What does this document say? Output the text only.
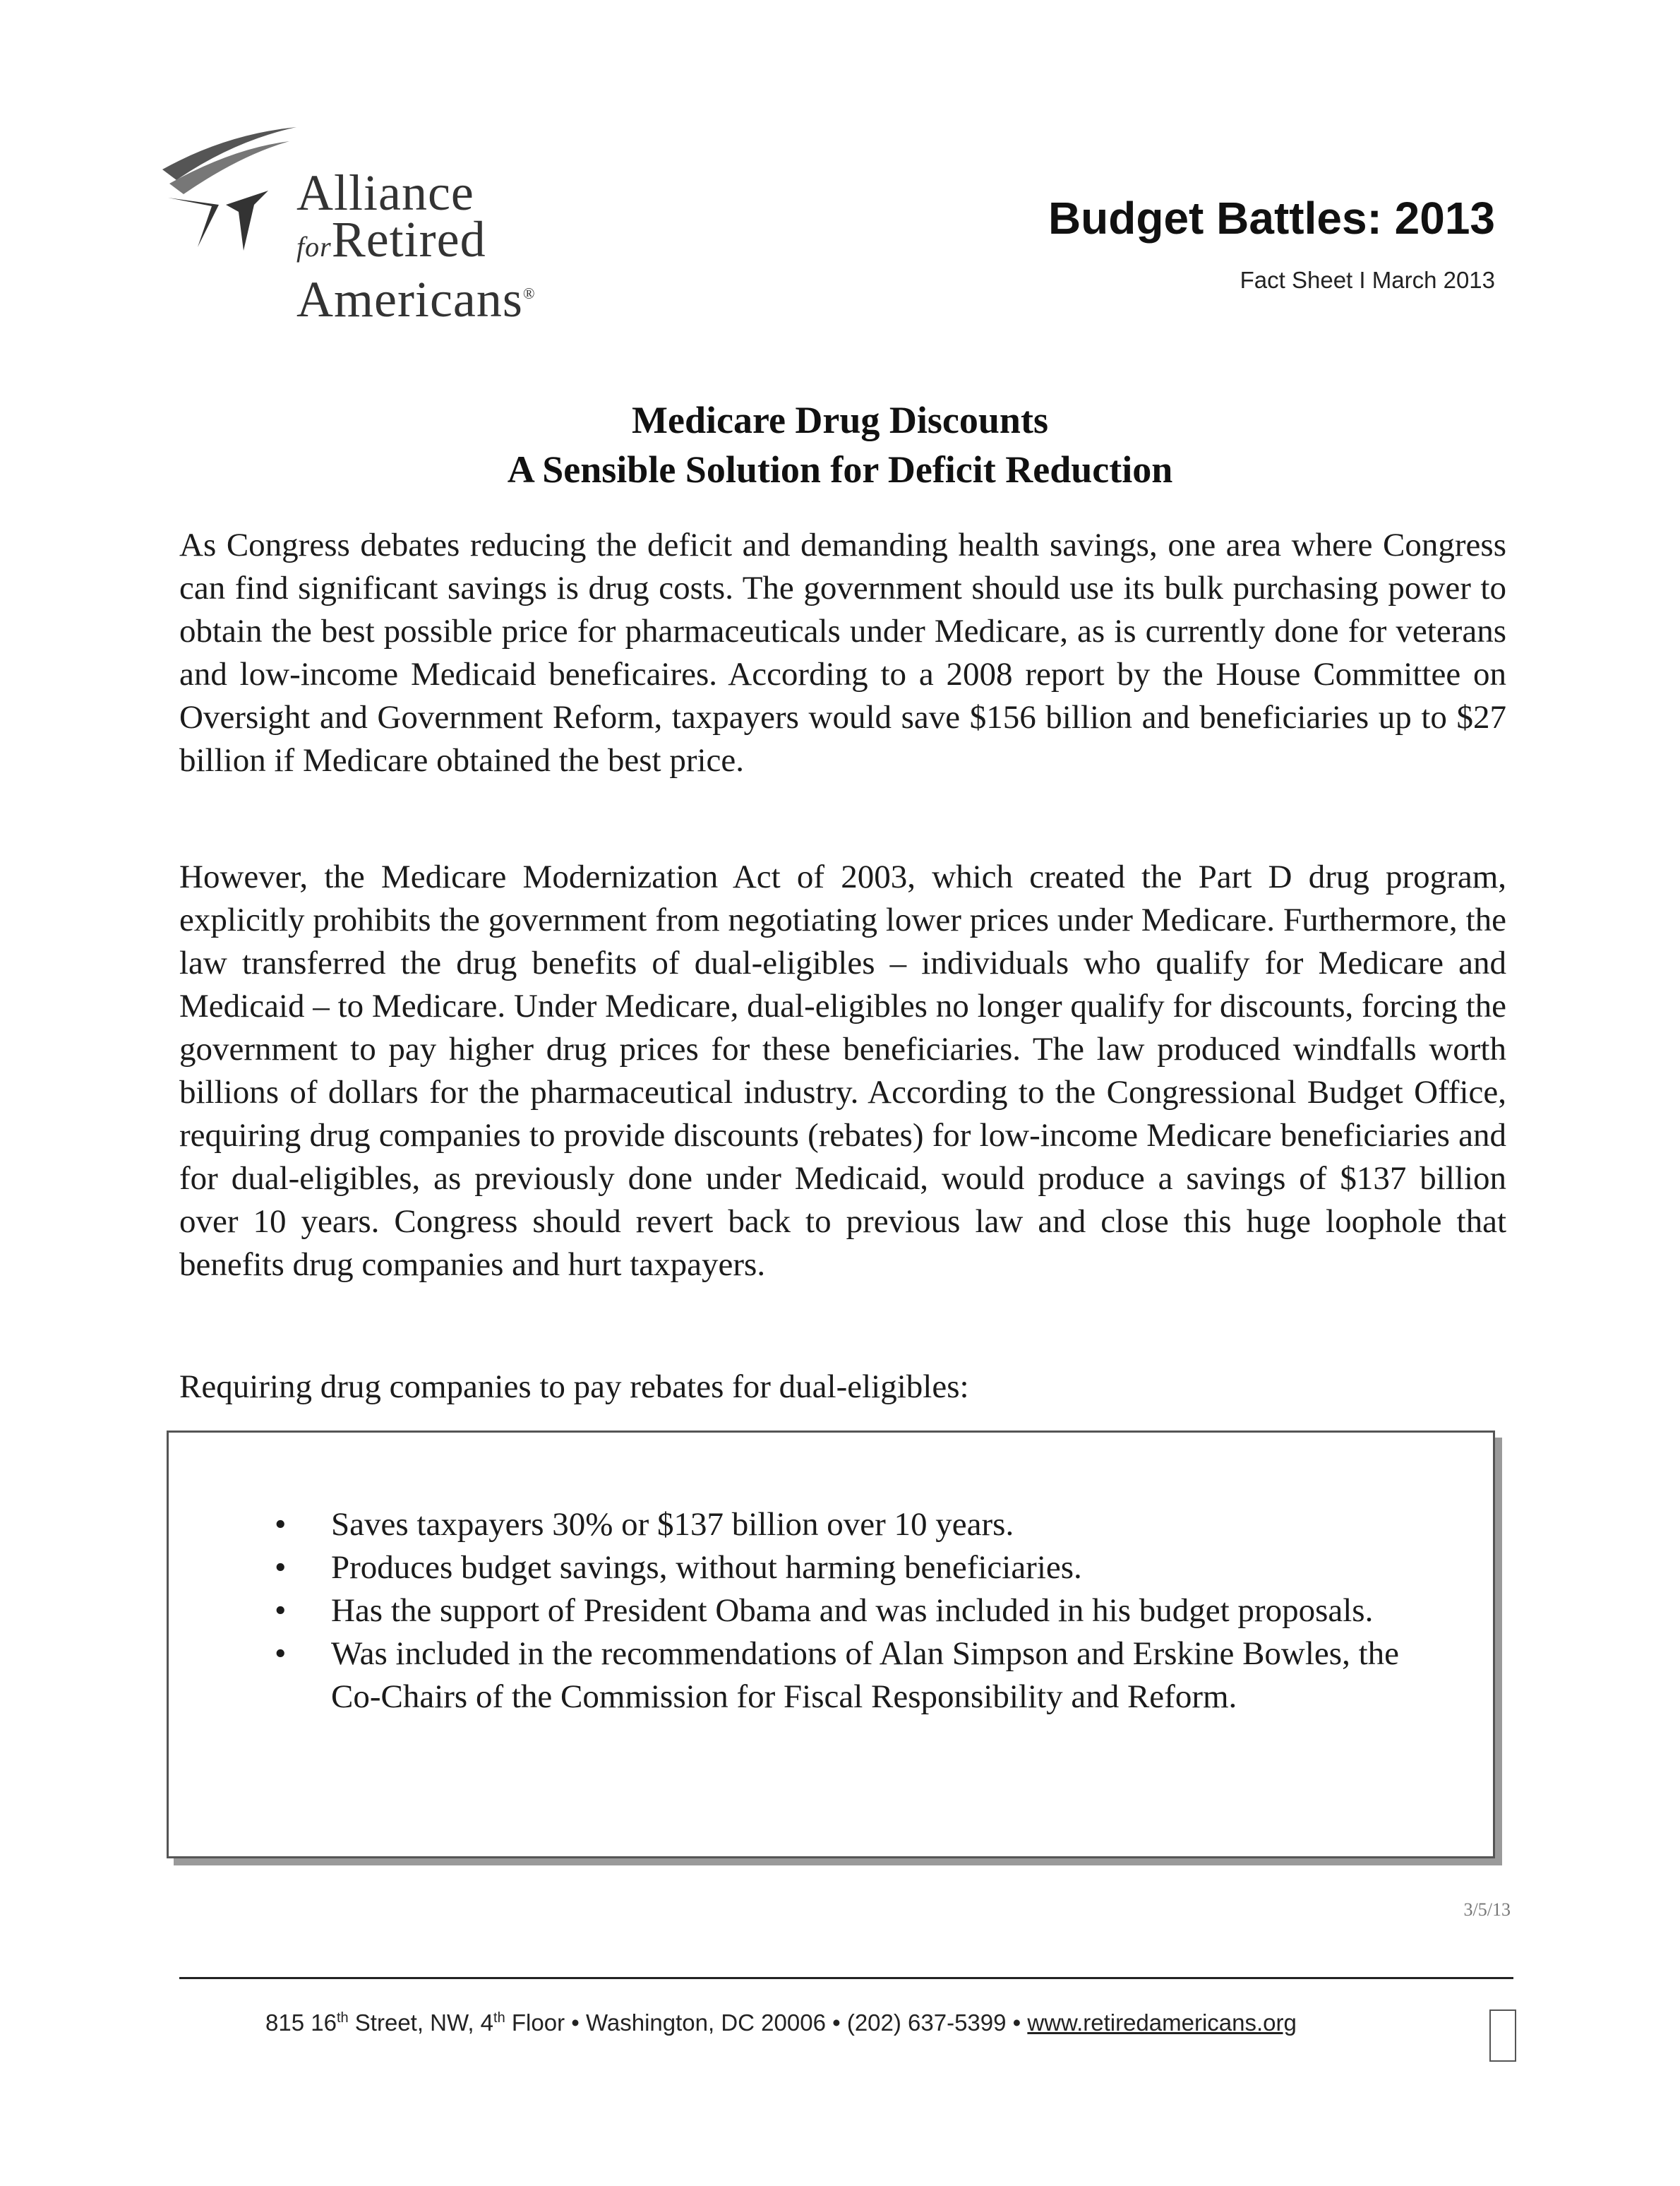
Alliance
forRetired
Americans®
Budget Battles: 2013
Fact Sheet I March 2013
Medicare Drug Discounts
A Sensible Solution for Deficit Reduction

As Congress debates reducing the deficit and demanding health savings, one area where Congress can find significant savings is drug costs. The government should use its bulk purchasing power to obtain the best possible price for pharmaceuticals under Medicare, as is currently done for veterans and low-income Medicaid beneficaires. According to a 2008 report by the House Committee on Oversight and Government Reform, taxpayers would save $156 billion and beneficiaries up to $27 billion if Medicare obtained the best price.

However, the Medicare Modernization Act of 2003, which created the Part D drug program, explicitly prohibits the government from negotiating lower prices under Medicare. Furthermore, the law transferred the drug benefits of dual-eligibles – individuals who qualify for Medicare and Medicaid – to Medicare. Under Medicare, dual-eligibles no longer qualify for discounts, forcing the government to pay higher drug prices for these beneficiaries. The law produced windfalls worth billions of dollars for the pharmaceutical industry. According to the Congressional Budget Office, requiring drug companies to provide discounts (rebates) for low-income Medicare beneficiaries and for dual-eligibles, as previously done under Medicaid, would produce a savings of $137 billion over 10 years. Congress should revert back to previous law and close this huge loophole that benefits drug companies and hurt taxpayers.

Requiring drug companies to pay rebates for dual-eligibles:

• Saves taxpayers 30% or $137 billion over 10 years.
• Produces budget savings, without harming beneficiaries.
• Has the support of President Obama and was included in his budget proposals.
• Was included in the recommendations of Alan Simpson and Erskine Bowles, the Co-Chairs of the Commission for Fiscal Responsibility and Reform.
3/5/13
815 16th Street, NW, 4th Floor • Washington, DC 20006 • (202) 637-5399 • www.retiredamericans.org
